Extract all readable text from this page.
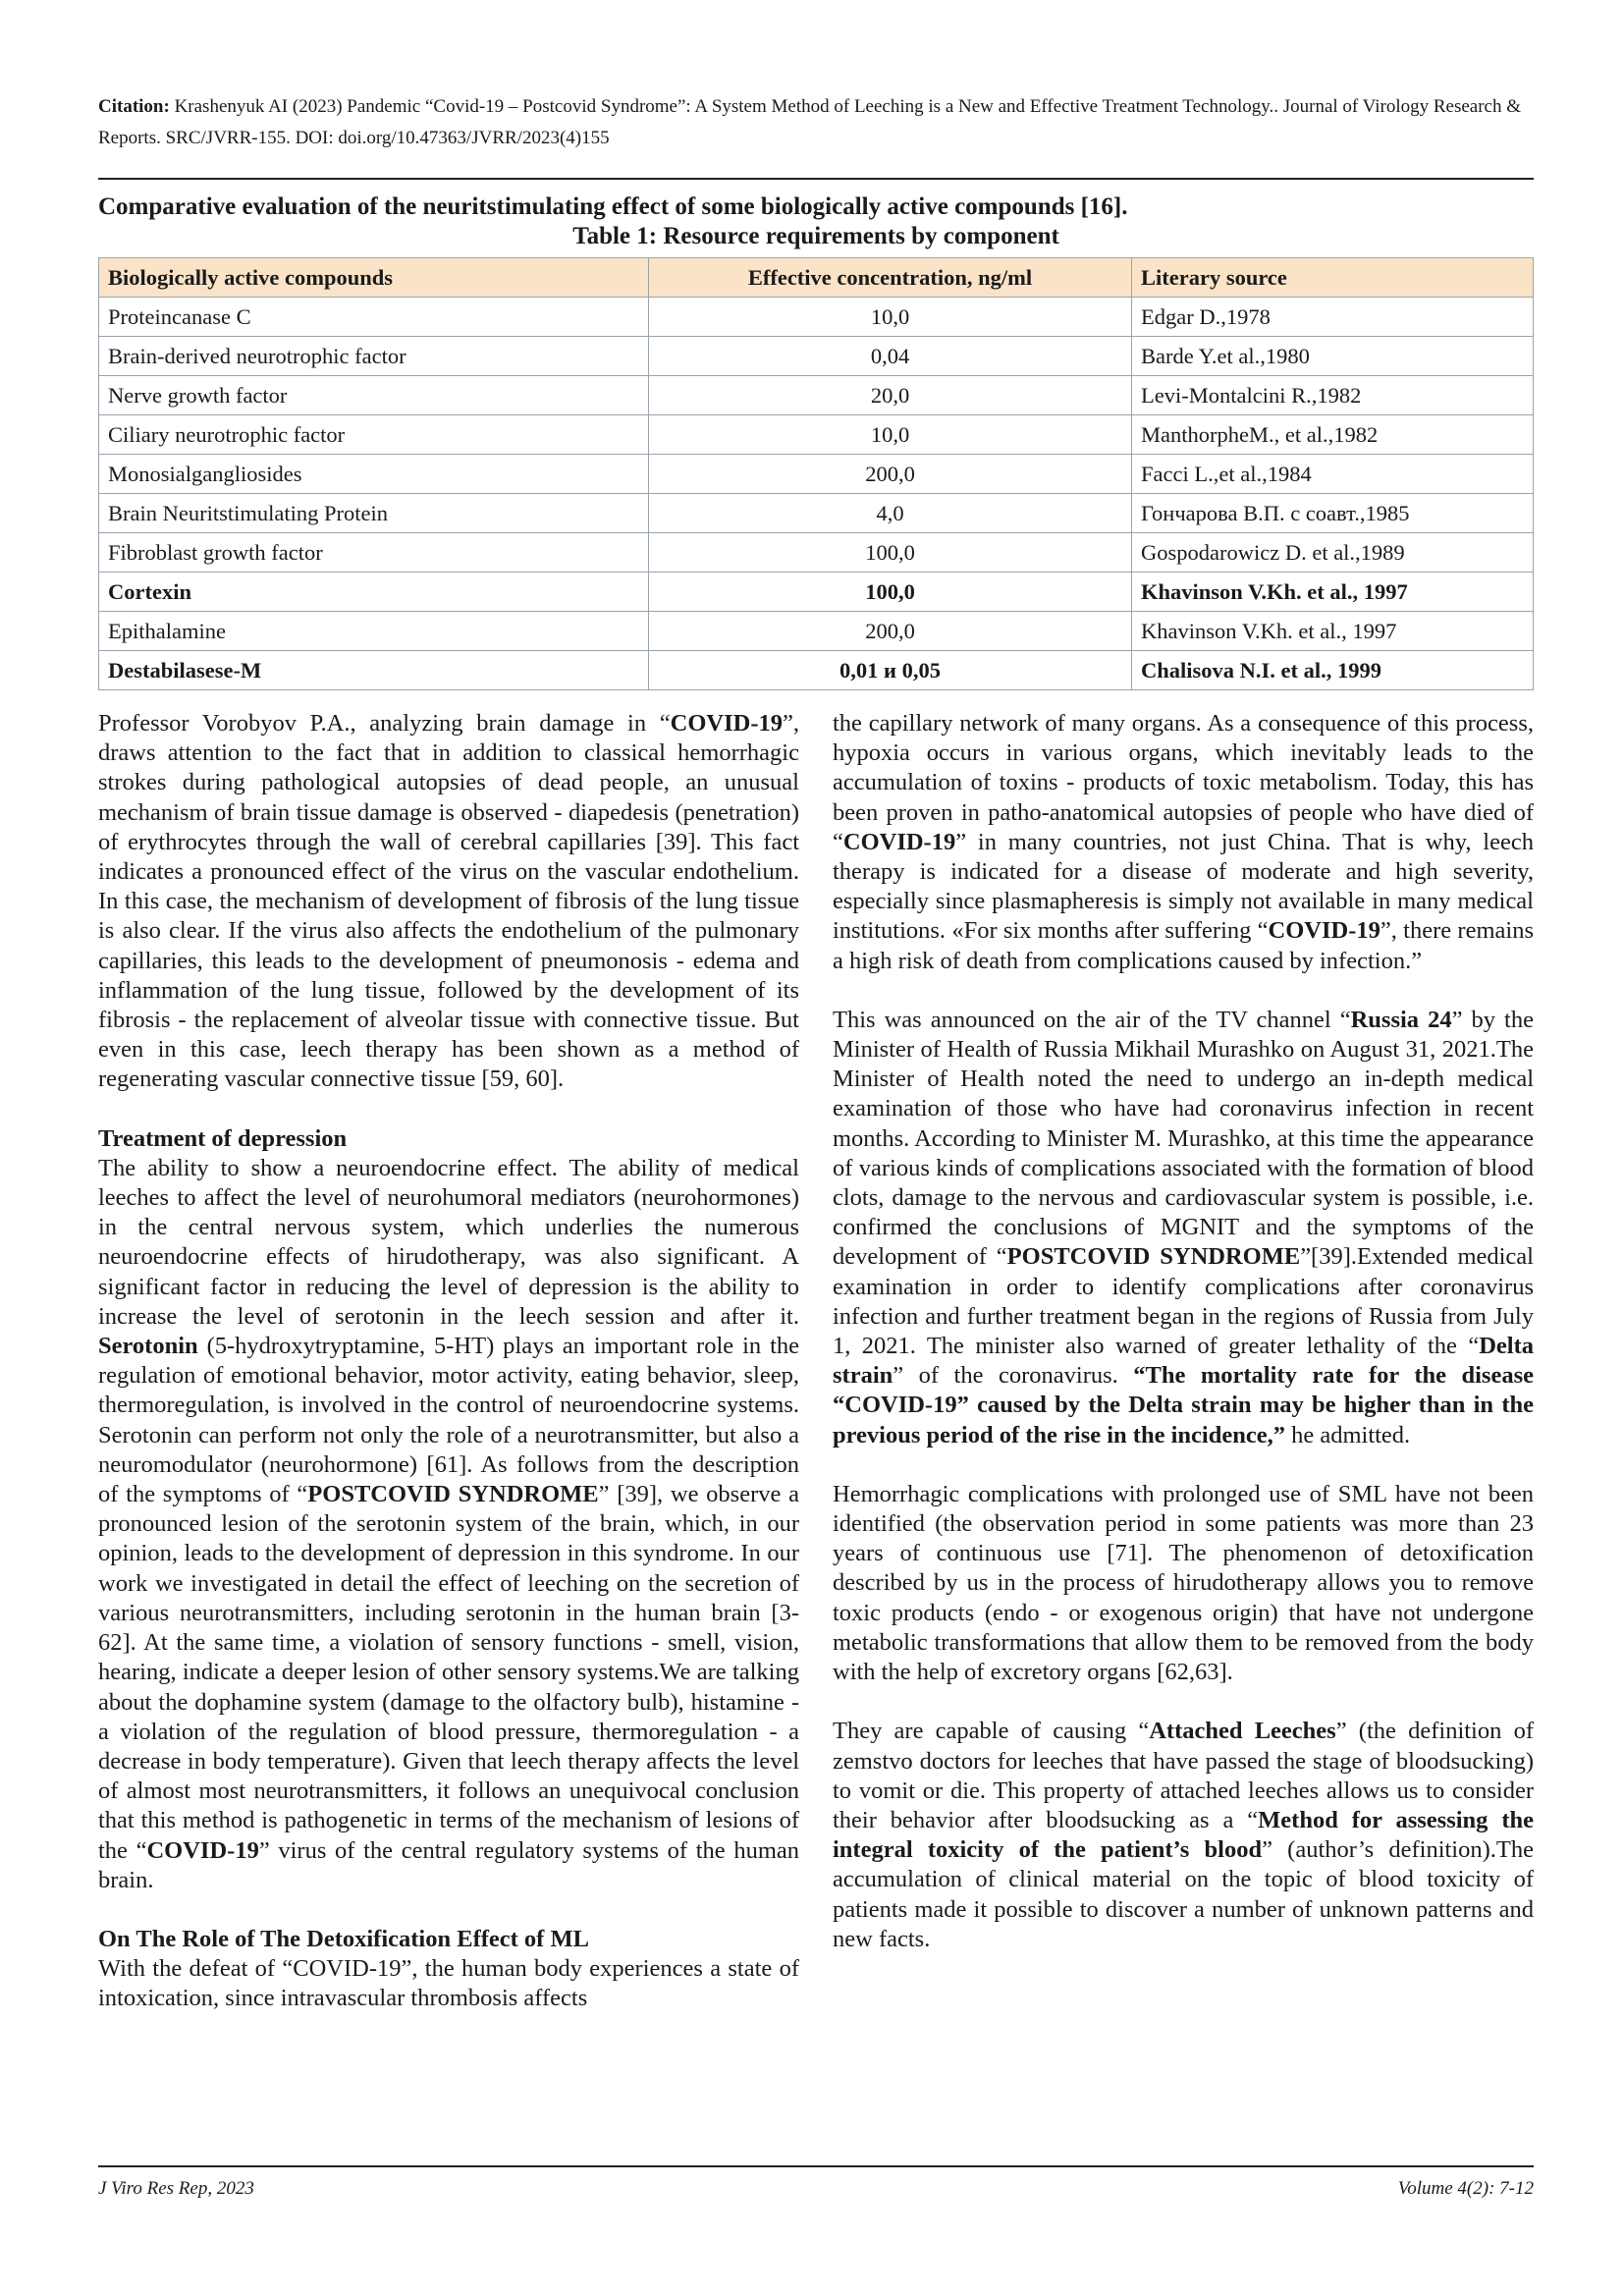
Citation: Krashenyuk AI (2023) Pandemic “Covid-19 – Postcovid Syndrome”: A System Method of Leeching is a New and Effective Treatment Technology.. Journal of Virology Research & Reports. SRC/JVRR-155. DOI: doi.org/10.47363/JVRR/2023(4)155
Comparative evaluation of the neuritstimulating effect of some biologically active compounds [16].
Table 1: Resource requirements by component
Biologically active compounds	Effective concentration, ng/ml	Literary source
Proteincanase C	10,0	Edgar D.,1978
Brain-derived neurotrophic factor	0,04	Barde Y.et al.,1980
Nerve growth factor	20,0	Levi-Montalcini R.,1982
Ciliary neurotrophic factor	10,0	ManthorpheM., et al.,1982
Monosialgangliosides	200,0	Facci L.,et al.,1984
Brain Neuritstimulating Protein	4,0	Гончарова В.П. с соавт.,1985
Fibroblast growth factor	100,0	Gospodarowicz D. et al.,1989
Cortexin	100,0	Khavinson V.Kh. et al., 1997
Epithalamine	200,0	Khavinson V.Kh. et al., 1997
Destabilasese-M	0,01 и 0,05	Chalisova N.I. et al., 1999

Professor Vorobyov P.A., analyzing brain damage in “COVID-19”, draws attention to the fact that in addition to classical hemorrhagic strokes during pathological autopsies of dead people, an unusual mechanism of brain tissue damage is observed - diapedesis (penetration) of erythrocytes through the wall of cerebral capillaries [39]. This fact indicates a pronounced effect of the virus on the vascular endothelium. In this case, the mechanism of development of fibrosis of the lung tissue is also clear. If the virus also affects the endothelium of the pulmonary capillaries, this leads to the development of pneumonosis - edema and inflammation of the lung tissue, followed by the development of its fibrosis - the replacement of alveolar tissue with connective tissue. But even in this case, leech therapy has been shown as a method of regenerating vascular connective tissue [59, 60].

Treatment of depression

The ability to show a neuroendocrine effect. The ability of medical leeches to affect the level of neurohumoral mediators (neurohormones) in the central nervous system, which underlies the numerous neuroendocrine effects of hirudotherapy, was also significant. A significant factor in reducing the level of depression is the ability to increase the level of serotonin in the leech session and after it. Serotonin (5-hydroxytryptamine, 5-HT) plays an important role in the regulation of emotional behavior, motor activity, eating behavior, sleep, thermoregulation, is involved in the control of neuroendocrine systems. Serotonin can perform not only the role of a neurotransmitter, but also a neuromodulator (neurohormone) [61]. As follows from the description of the symptoms of “POSTCOVID SYNDROME” [39], we observe a pronounced lesion of the serotonin system of the brain, which, in our opinion, leads to the development of depression in this syndrome. In our work we investigated in detail the effect of leeching on the secretion of various neurotransmitters, including serotonin in the human brain [3-62]. At the same time, a violation of sensory functions - smell, vision, hearing, indicate a deeper lesion of other sensory systems.We are talking about the dophamine system (damage to the olfactory bulb), histamine - a violation of the regulation of blood pressure, thermoregulation - a decrease in body temperature). Given that leech therapy affects the level of almost most neurotransmitters, it follows an unequivocal conclusion that this method is pathogenetic in terms of the mechanism of lesions of the “COVID-19” virus of the central regulatory systems of the human brain.

On The Role of The Detoxification Effect of ML

With the defeat of “COVID-19”, the human body experiences a state of intoxication, since intravascular thrombosis affects

the capillary network of many organs. As a consequence of this process, hypoxia occurs in various organs, which inevitably leads to the accumulation of toxins - products of toxic metabolism. Today, this has been proven in patho-anatomical autopsies of people who have died of “COVID-19” in many countries, not just China. That is why, leech therapy is indicated for a disease of moderate and high severity, especially since plasmapheresis is simply not available in many medical institutions. «For six months after suffering “COVID-19”, there remains a high risk of death from complications caused by infection.”

This was announced on the air of the TV channel “Russia 24” by the Minister of Health of Russia Mikhail Murashko on August 31, 2021.The Minister of Health noted the need to undergo an in-depth medical examination of those who have had coronavirus infection in recent months. According to Minister M. Murashko, at this time the appearance of various kinds of complications associated with the formation of blood clots, damage to the nervous and cardiovascular system is possible, i.e. confirmed the conclusions of MGNIT and the symptoms of the development of “POSTCOVID SYNDROME”[39].Extended medical examination in order to identify complications after coronavirus infection and further treatment began in the regions of Russia from July 1, 2021. The minister also warned of greater lethality of the “Delta strain” of the coronavirus. “The mortality rate for the disease “COVID-19” caused by the Delta strain may be higher than in the previous period of the rise in the incidence,” he admitted.

Hemorrhagic complications with prolonged use of SML have not been identified (the observation period in some patients was more than 23 years of continuous use [71]. The phenomenon of detoxification described by us in the process of hirudotherapy allows you to remove toxic products (endo - or exogenous origin) that have not undergone metabolic transformations that allow them to be removed from the body with the help of excretory organs [62,63].

They are capable of causing “Attached Leeches” (the definition of zemstvo doctors for leeches that have passed the stage of bloodsucking) to vomit or die. This property of attached leeches allows us to consider their behavior after bloodsucking as a “Method for assessing the integral toxicity of the patient’s blood” (author’s definition).The accumulation of clinical material on the topic of blood toxicity of patients made it possible to discover a number of unknown patterns and new facts.

J Viro Res Rep, 2023	Volume 4(2): 7-12
